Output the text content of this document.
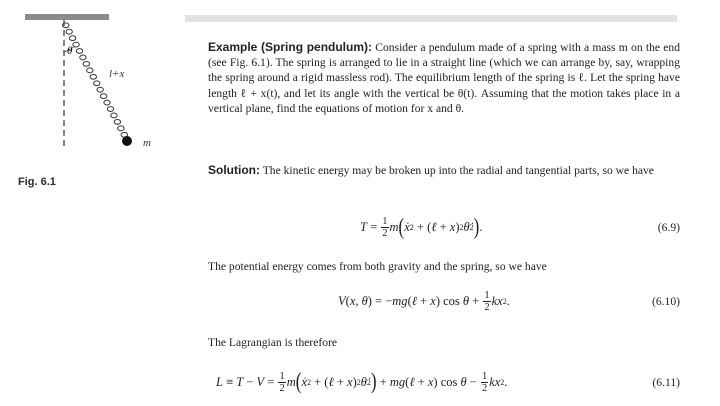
θ
l+x
m
Fig. 6.1
Example (Spring pendulum): Consider a pendulum made of a spring with a mass m on the end (see Fig. 6.1). The spring is arranged to lie in a straight line (which we can arrange by, say, wrapping the spring around a rigid massless rod). The equilibrium length of the spring is ℓ. Let the spring have length ℓ + x(t), and let its angle with the vertical be θ(t). Assuming that the motion takes place in a vertical plane, find the equations of motion for x and θ.
Solution: The kinetic energy may be broken up into the radial and tangential parts, so we have
$T = \frac{1}{2}$ m ( ẋ 2 + ( ℓ + x ) 2 θ̇ 2 ) .	(6.9)
The potential energy comes from both gravity and the spring, so we have
V ( x , θ ) = − mg ( ℓ + x ) $\cos \theta + \frac{1}{2}$ kx 2 .	(6.10)
The Lagrangian is therefore
$L \equiv T - V = \frac{1}{2}$ m ( ẋ 2 + ( ℓ + x ) 2 θ̇ 2 ) + mg ( ℓ + x ) $\cos \theta - \frac{1}{2}$ kx 2 .	(6.11)
